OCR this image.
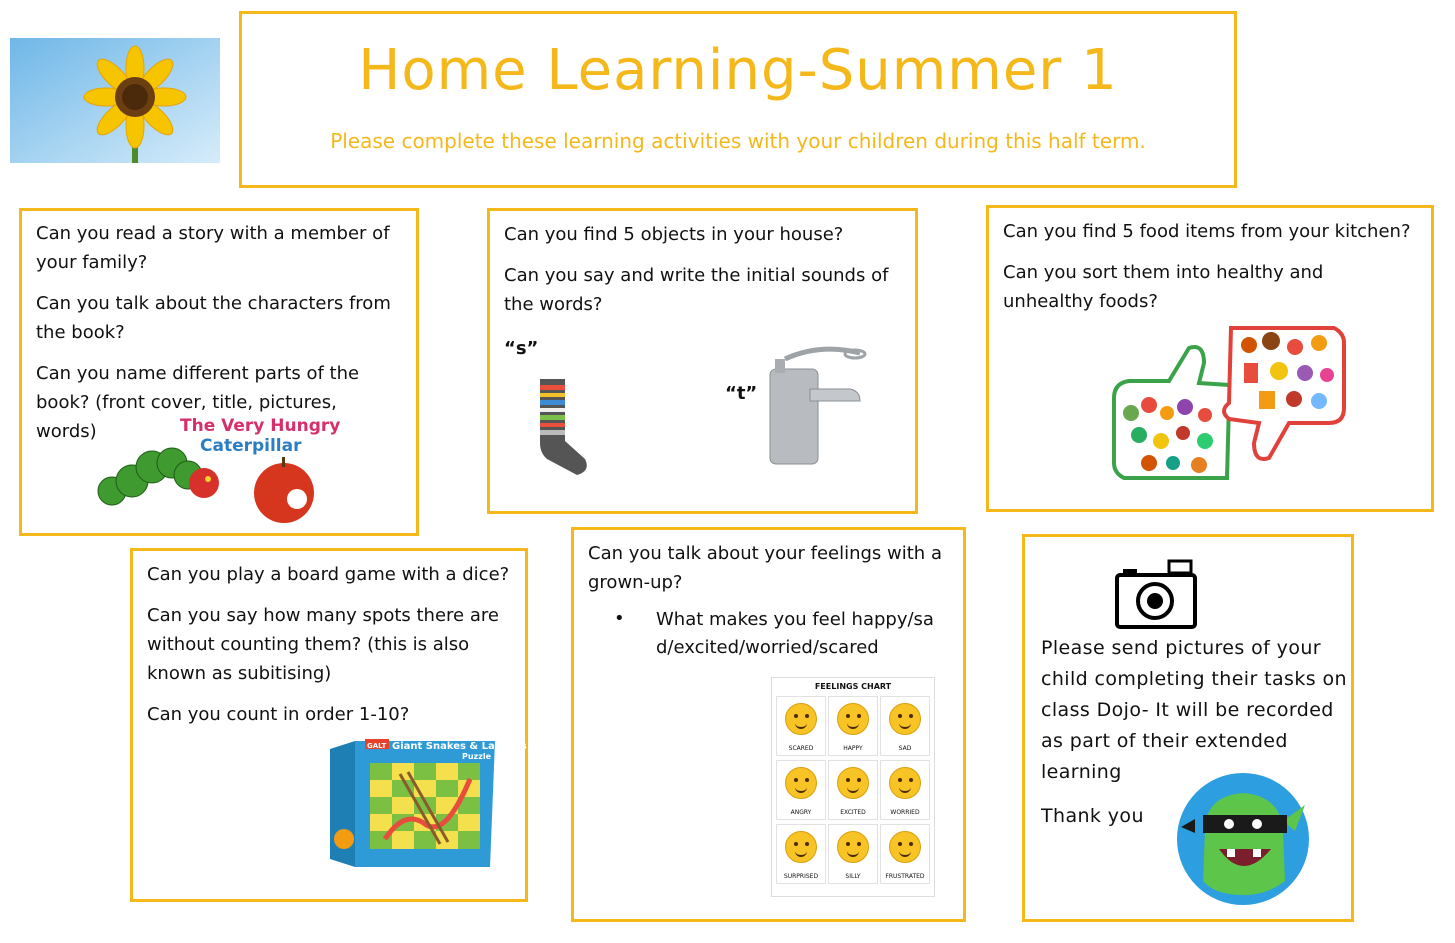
Home Learning-Summer 1
Please complete these learning activities with your children during this half term.

Can you read a story with a member of your family?

Can you talk about the characters from the book?

Can you name different parts of the book? (front cover, title, pictures, words)	The Very Hungry
Caterpillar

Can you find 5 objects in your house?

Can you say and write the initial sounds of the words?

“s”
“t”

Can you find 5 food items from your kitchen?

Can you sort them into healthy and unhealthy foods?

Can you play a board game with a dice?

Can you say how many spots there are without counting them? (this is also known as subitising)

Can you count in order 1-10?

GALT Giant Snakes & Ladders
Puzzle

Can you talk about your feelings with a grown-up?

• What makes you feel happy/sad/excited/worried/scared
FEELINGS CHART
SCARED	HAPPY	SAD
ANGRY	EXCITED	WORRIED
SURPRISED	SILLY	FRUSTRATED
Please send pictures of your child completing their tasks on class Dojo- It will be recorded as part of their extended learning
Thank you
